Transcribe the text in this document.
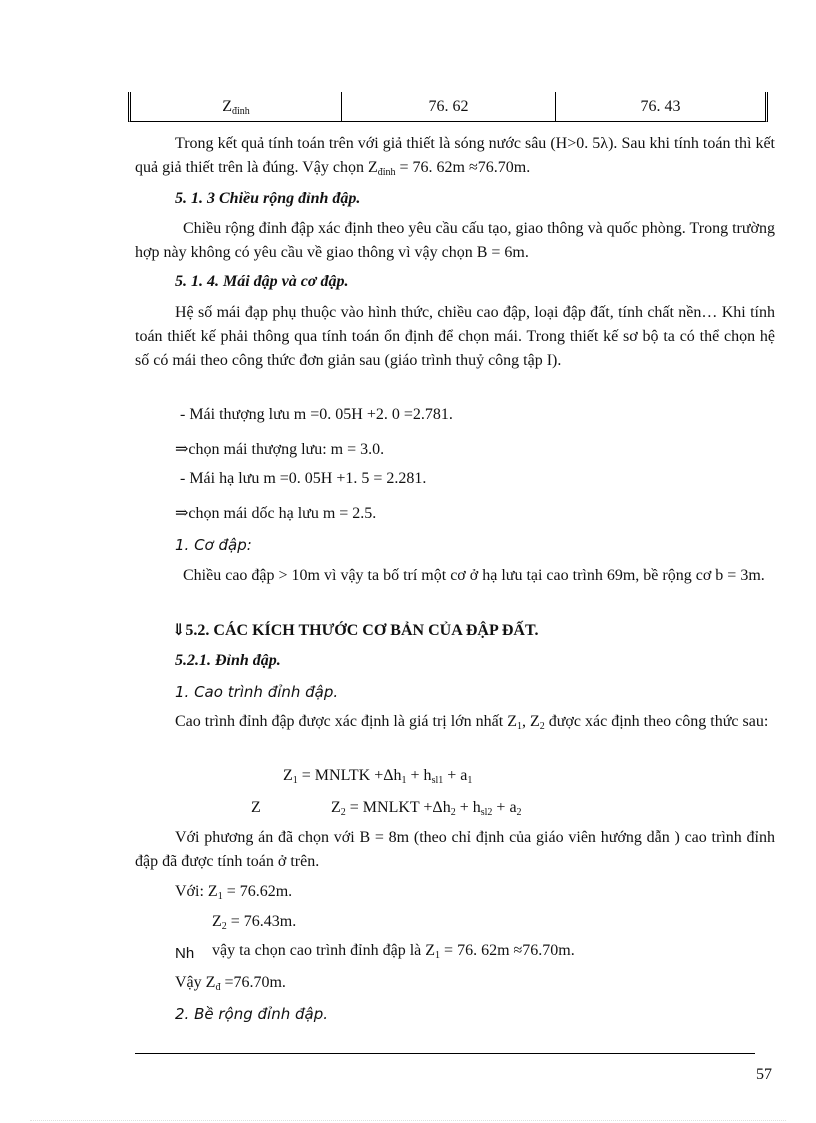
$Z_{đỉnh}$	76. 62	76. 43
Trong kết quả tính toán trên với giả thiết là sóng nước sâu (H>0. 5λ). Sau khi tính toán thì kết quả giả thiết trên là đúng. Vậy chọn $Z_{đỉnh} = 76$. 62m ≈76.70m.
5. 1. 3 Chiều rộng đỉnh đập.
Chiều rộng đỉnh đập xác định theo yêu cầu cấu tạo, giao thông và quốc phòng. Trong trường hợp này không có yêu cầu về giao thông vì vậy chọn B = 6m.
5. 1. 4. Mái đập và cơ đập.
Hệ số mái đạp phụ thuộc vào hình thức, chiều cao đập, loại đập đất, tính chất nền… Khi tính toán thiết kế phải thông qua tính toán ổn định để chọn mái. Trong thiết kế sơ bộ ta có thể chọn hệ số có mái theo công thức đơn giản sau (giáo trình thuỷ công tập I).
- Mái thượng lưu m =0. 05H +2. 0 =2.781.
⇒chọn mái thượng lưu: m = 3.0.
- Mái hạ lưu m =0. 05H +1. 5 = 2.281.
⇒chọn mái dốc hạ lưu m = 2.5.
1. Cơ đập:
Chiều cao đập > 10m vì vậy ta bố trí một cơ ở hạ lưu tại cao trình 69m, bề rộng cơ b = 3m.
⇓5.2. CÁC KÍCH THƯỚC CƠ BẢN CỦA ĐẬP ĐẤT.
5.2.1. Đỉnh đập.
1. Cao trình đỉnh đập.
Cao trình đỉnh đập được xác định là giá trị lớn nhất $Z_1$, $Z_2$ được xác định theo công thức sau:
$Z_1$ = MNLTK $+\Delta h_1 + h_{sl1} + a_1$
Z	$Z_2$ = MNLKT $+\Delta h_2 + h_{sl2} + a_2$
Với phương án đã chọn với B = 8m (theo chỉ định của giáo viên hướng dẫn ) cao trình đỉnh đập đã được tính toán ở trên.
Với: $Z_1 = 76.62m$.
$Z_2 = 76.43m$.
Nh vậy ta chọn cao trình đỉnh đập là $Z_1 = 76$. 62m ≈76.70m.
Vậy $Z_đ =76.70m$.
2. Bề rộng đỉnh đập.
57
